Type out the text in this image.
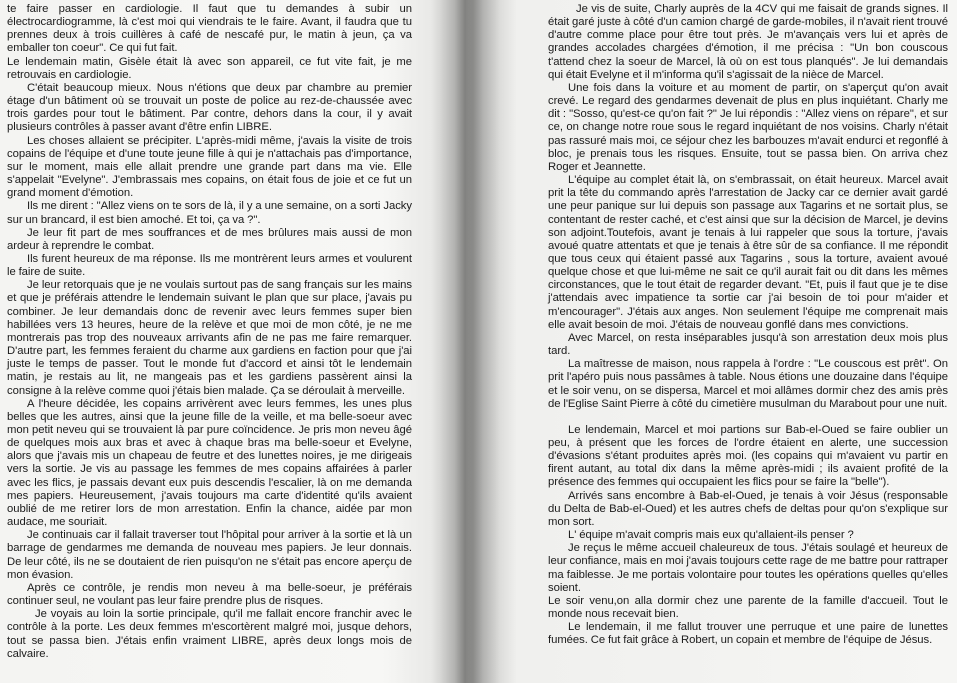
te faire passer en cardiologie. Il faut que tu demandes à subir un électrocardiogramme, là c'est moi qui viendrais te le faire. Avant, il faudra que tu prennes deux à trois cuillères à café de nescafé pur, le matin à jeun, ça va emballer ton coeur". Ce qui fut fait.

Le lendemain matin, Gisèle était là avec son appareil, ce fut vite fait, je me retrouvais en cardiologie.

C'était beaucoup mieux. Nous n'étions que deux par chambre au premier étage d'un bâtiment où se trouvait un poste de police au rez-de-chaussée avec trois gardes pour tout le bâtiment. Par contre, dehors dans la cour, il y avait plusieurs contrôles à passer avant d'être enfin LIBRE.

Les choses allaient se précipiter. L'après-midi même, j'avais la visite de trois copains de l'équipe et d'une toute jeune fille à qui je n'attachais pas d'importance, sur le moment, mais elle allait prendre une grande part dans ma vie. Elle s'appelait "Evelyne". J'embrassais mes copains, on était fous de joie et ce fut un grand moment d'émotion.

Ils me dirent : "Allez viens on te sors de là, il y a une semaine, on a sorti Jacky sur un brancard, il est bien amoché. Et toi, ça va ?".

Je leur fit part de mes souffrances et de mes brûlures mais aussi de mon ardeur à reprendre le combat.

Ils furent heureux de ma réponse. Ils me montrèrent leurs armes et voulurent le faire de suite.

Je leur retorquais que je ne voulais surtout pas de sang français sur les mains et que je préférais attendre le lendemain suivant le plan que sur place, j'avais pu combiner. Je leur demandais donc de revenir avec leurs femmes super bien habillées vers 13 heures, heure de la relève et que moi de mon côté, je ne me montrerais pas trop des nouveaux arrivants afin de ne pas me faire remarquer. D'autre part, les femmes feraient du charme aux gardiens en faction pour que j'ai juste le temps de passer. Tout le monde fut d'accord et ainsi tôt le lendemain matin, je restais au lit, ne mangeais pas et les gardiens passèrent ainsi la consigne à la relève comme quoi j'étais bien malade. Ça se déroulait à merveille.

A l'heure décidée, les copains arrivèrent avec leurs femmes, les unes plus belles que les autres, ainsi que la jeune fille de la veille, et ma belle-soeur avec mon petit neveu qui se trouvaient là par pure coïncidence. Je pris mon neveu âgé de quelques mois aux bras et avec à chaque bras ma belle-soeur et Evelyne, alors que j'avais mis un chapeau de feutre et des lunettes noires, je me dirigeais vers la sortie. Je vis au passage les femmes de mes copains affairées à parler avec les flics, je passais devant eux puis descendis l'escalier, là on me demanda mes papiers. Heureusement, j'avais toujours ma carte d'identité qu'ils avaient oublié de me retirer lors de mon arrestation. Enfin la chance, aidée par mon audace, me souriait.

Je continuais car il fallait traverser tout l'hôpital pour arriver à la sortie et là un barrage de gendarmes me demanda de nouveau mes papiers. Je leur donnais. De leur côté, ils ne se doutaient de rien puisqu'on ne s'était pas encore aperçu de mon évasion.

Après ce contrôle, je rendis mon neveu à ma belle-soeur, je préférais continuer seul, ne voulant pas leur faire prendre plus de risques.

Je voyais au loin la sortie principale, qu'il me fallait encore franchir avec le contrôle à la porte. Les deux femmes m'escortèrent malgré moi, jusque dehors, tout se passa bien. J'étais enfin vraiment LIBRE, après deux longs mois de calvaire.

Je vis de suite, Charly auprès de la 4CV qui me faisait de grands signes. Il était garé juste à côté d'un camion chargé de garde-mobiles, il n'avait rient trouvé d'autre comme place pour être tout près. Je m'avançais vers lui et après de grandes accolades chargées d'émotion, il me précisa : "Un bon couscous t'attend chez la soeur de Marcel, là où on est tous planqués". Je lui demandais qui était Evelyne et il m'informa qu'il s'agissait de la nièce de Marcel.

Une fois dans la voiture et au moment de partir, on s'aperçut qu'on avait crevé. Le regard des gendarmes devenait de plus en plus inquiétant. Charly me dit : "Sosso, qu'est-ce qu'on fait ?" Je lui répondis : "Allez viens on répare", et sur ce, on change notre roue sous le regard inquiétant de nos voisins. Charly n'était pas rassuré mais moi, ce séjour chez les barbouzes m'avait endurci et regonflé à bloc, je prenais tous les risques. Ensuite, tout se passa bien. On arriva chez Roger et Jeannette.

L'équipe au complet était là, on s'embrassait, on était heureux. Marcel avait prit la tête du commando après l'arrestation de Jacky car ce dernier avait gardé une peur panique sur lui depuis son passage aux Tagarins et ne sortait plus, se contentant de rester caché, et c'est ainsi que sur la décision de Marcel, je devins son adjoint.Toutefois, avant je tenais à lui rappeler que sous la torture, j'avais avoué quatre attentats et que je tenais à être sûr de sa confiance. Il me répondit que tous ceux qui étaient passé aux Tagarins , sous la torture, avaient avoué quelque chose et que lui-même ne sait ce qu'il aurait fait ou dit dans les mêmes circonstances, que le tout était de regarder devant. "Et, puis il faut que je te dise j'attendais avec impatience ta sortie car j'ai besoin de toi pour m'aider et m'encourager". J'étais aux anges. Non seulement l'équipe me comprenait mais elle avait besoin de moi. J'étais de nouveau gonflé dans mes convictions.

Avec Marcel, on resta inséparables jusqu'à son arrestation deux mois plus tard.

La maîtresse de maison, nous rappela à l'ordre : "Le couscous est prêt". On prit l'apéro puis nous passâmes à table. Nous étions une douzaine dans l'équipe et le soir venu, on se dispersa, Marcel et moi allâmes dormir chez des amis près de l'Eglise Saint Pierre à côté du cimetière musulman du Marabout pour une nuit.

Le lendemain, Marcel et moi partions sur Bab-el-Oued se faire oublier un peu, à présent que les forces de l'ordre étaient en alerte, une succession d'évasions s'étant produites après moi. (les copains qui m'avaient vu partir en firent autant, au total dix dans la même après-midi ; ils avaient profité de la présence des femmes qui occupaient les flics pour se faire la "belle").

Arrivés sans encombre à Bab-el-Oued, je tenais à voir Jésus (responsable du Delta de Bab-el-Oued) et les autres chefs de deltas pour qu'on s'explique sur mon sort.

L' équipe m'avait compris mais eux qu'allaient-ils penser ?

Je reçus le même accueil chaleureux de tous. J'étais soulagé et heureux de leur confiance, mais en moi j'avais toujours cette rage de me battre pour rattraper ma faiblesse. Je me portais volontaire pour toutes les opérations quelles qu'elles soient.

Le soir venu,on alla dormir chez une parente de la famille d'accueil. Tout le monde nous recevait bien.

Le lendemain, il me fallut trouver une perruque et une paire de lunettes fumées. Ce fut fait grâce à Robert, un copain et membre de l'équipe de Jésus.
